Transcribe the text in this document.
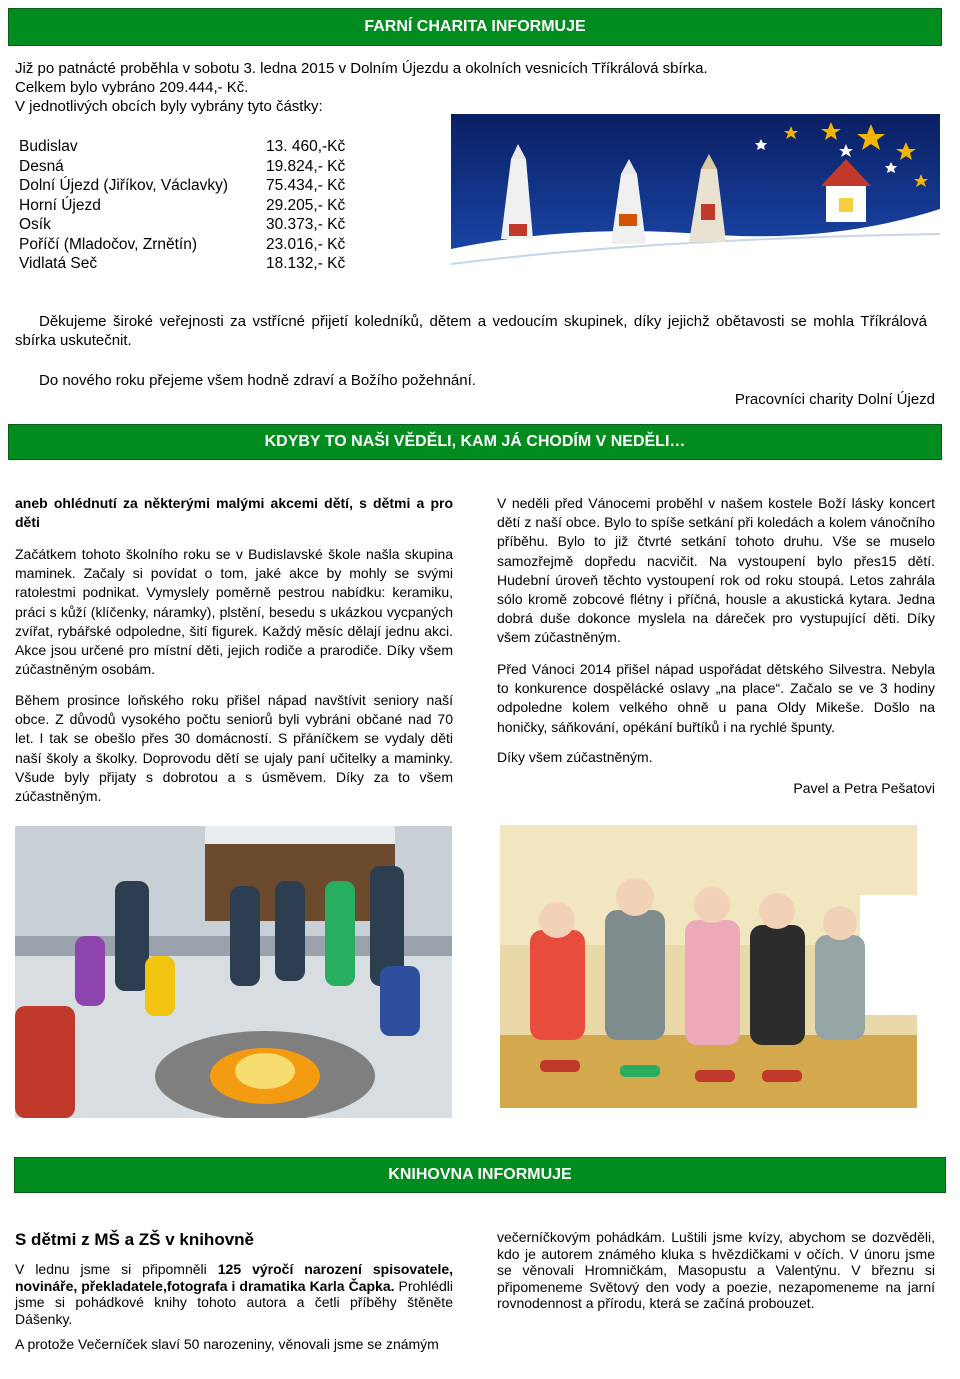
FARNÍ CHARITA INFORMUJE
Již po patnácté proběhla v sobotu 3. ledna 2015 v Dolním Újezdu a okolních vesnicích Tříkrálová sbírka.
Celkem bylo vybráno 209.444,- Kč.
V jednotlivých obcích byly vybrány tyto částky:
Budislav
Desná
Dolní Újezd (Jiříkov, Václavky)
Horní Újezd
Osík
Poříčí (Mladočov, Zrnětín)
Vidlatá Seč
13. 460,-Kč
19.824,- Kč
75.434,- Kč
29.205,- Kč
30.373,- Kč
23.016,- Kč
18.132,- Kč
Děkujeme široké veřejnosti za vstřícné přijetí koledníků, dětem a vedoucím skupinek, díky jejichž obětavosti se mohla Tříkrálová sbírka uskutečnit.
Do nového roku přejeme všem hodně zdraví a Božího požehnání.
Pracovníci charity Dolní Újezd
KDYBY TO NAŠI VĚDĚLI, KAM JÁ CHODÍM V NEDĚLI…
aneb ohlédnutí za některými malými akcemi dětí, s dětmi a pro děti
Začátkem tohoto školního roku se v Budislavské škole našla skupina maminek. Začaly si povídat o tom, jaké akce by mohly se svými ratolestmi podnikat. Vymyslely poměrně pestrou nabídku: keramiku, práci s kůží (klíčenky, náramky), plstění, besedu s ukázkou vycpaných zvířat, rybářské odpoledne, šití figurek. Každý měsíc dělají jednu akci. Akce jsou určené pro místní děti, jejich rodiče a prarodiče. Díky všem zúčastněným osobám.
Během prosince loňského roku přišel nápad navštívit seniory naší obce. Z důvodů vysokého počtu seniorů byli vybráni občané nad 70 let. I tak se obešlo přes 30 domácností. S přáníčkem se vydaly děti naší školy a školky. Doprovodu dětí se ujaly paní učitelky a maminky. Všude byly přijaty s dobrotou a s úsměvem. Díky za to všem zúčastněným.
V neděli před Vánocemi proběhl v našem kostele Boží lásky koncert dětí z naší obce. Bylo to spíše setkání při koledách a kolem vánočního příběhu. Bylo to již čtvrté setkání tohoto druhu. Vše se muselo samozřejmě dopředu nacvičit. Na vystoupení bylo přes15 dětí. Hudební úroveň těchto vystoupení rok od roku stoupá. Letos zahrála sólo kromě zobcové flétny i příčná, housle a akustická kytara. Jedna dobrá duše dokonce myslela na dáreček pro vystupující děti. Díky všem zúčastněným.
Před Vánoci 2014 přišel nápad uspořádat dětského Silvestra. Nebyla to konkurence dospělácké oslavy „na place“. Začalo se ve 3 hodiny odpoledne kolem velkého ohně u pana Oldy Mikeše. Došlo na honičky, sáňkování, opékání buřtíků i na rychlé špunty.
Díky všem zúčastněným.
Pavel a Petra Pešatovi
KNIHOVNA INFORMUJE
S dětmi z MŠ a ZŠ v knihovně
V lednu jsme si připomněli 125 výročí narození spisovatele, novináře, překladatele,fotografa i dramatika Karla Čapka. Prohlédli jsme si pohádkové knihy tohoto autora a četli příběhy štěněte Dášenky.
A protože Večerníček slaví 50 narozeniny, věnovali jsme se známým
večerníčkovým pohádkám. Luštili jsme kvízy, abychom se dozvěděli, kdo je autorem známého kluka s hvězdičkami v očích. V únoru jsme se věnovali Hromničkám, Masopustu a Valentýnu. V březnu si připomeneme Světový den vody a poezie, nezapomeneme na jarní rovnodennost a přírodu, která se začíná probouzet.
